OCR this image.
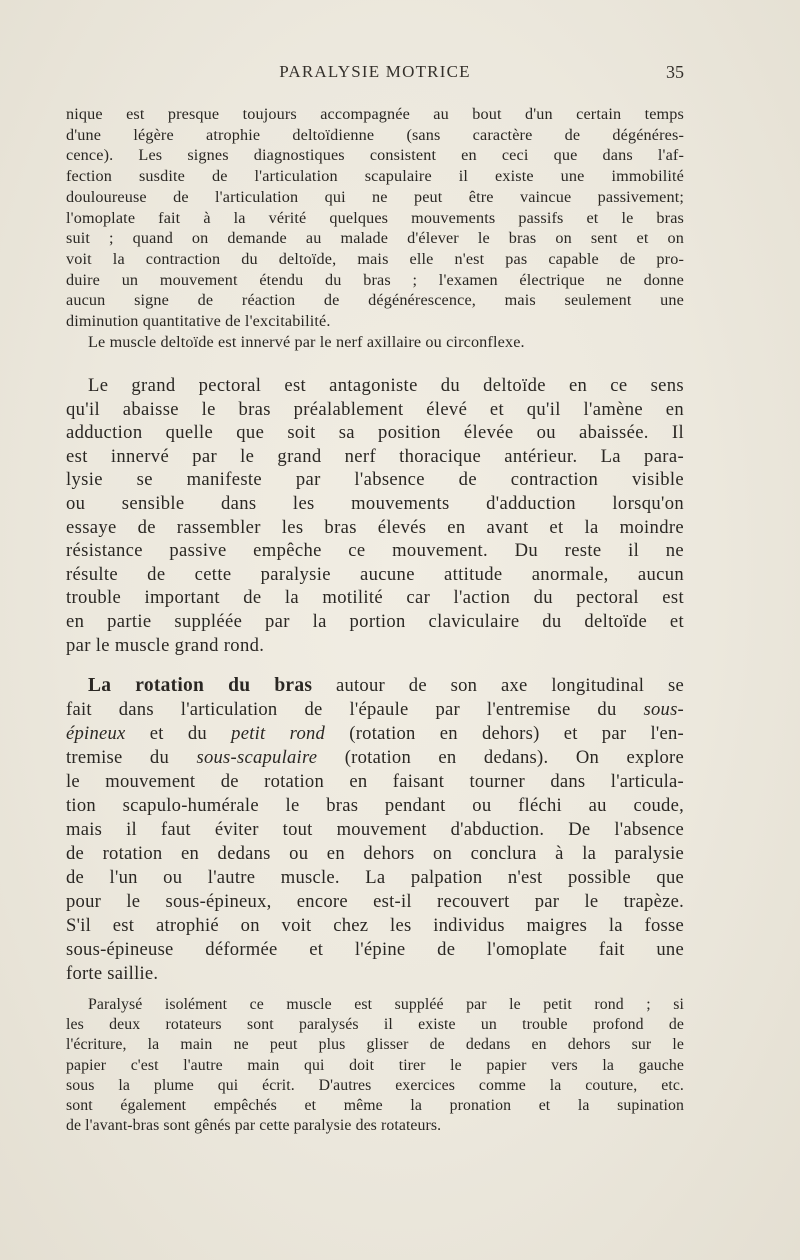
PARALYSIE MOTRICE	35
nique est presque toujours accompagnée au bout d'un certain temps
d'une légère atrophie deltoïdienne (sans caractère de dégénéres-
cence). Les signes diagnostiques consistent en ceci que dans l'af-
fection susdite de l'articulation scapulaire il existe une immobilité
douloureuse de l'articulation qui ne peut être vaincue passivement;
l'omoplate fait à la vérité quelques mouvements passifs et le bras
suit ; quand on demande au malade d'élever le bras on sent et on
voit la contraction du deltoïde, mais elle n'est pas capable de pro-
duire un mouvement étendu du bras ; l'examen électrique ne donne
aucun signe de réaction de dégénérescence, mais seulement une
diminution quantitative de l'excitabilité.
Le muscle deltoïde est innervé par le nerf axillaire ou circonflexe.
Le grand pectoral est antagoniste du deltoïde en ce sens
qu'il abaisse le bras préalablement élevé et qu'il l'amène en
adduction quelle que soit sa position élevée ou abaissée. Il
est innervé par le grand nerf thoracique antérieur. La para-
lysie se manifeste par l'absence de contraction visible
ou sensible dans les mouvements d'adduction lorsqu'on
essaye de rassembler les bras élevés en avant et la moindre
résistance passive empêche ce mouvement. Du reste il ne
résulte de cette paralysie aucune attitude anormale, aucun
trouble important de la motilité car l'action du pectoral est
en partie suppléée par la portion claviculaire du deltoïde et
par le muscle grand rond.
La rotation du bras autour de son axe longitudinal se
fait dans l'articulation de l'épaule par l'entremise du sous-
épineux et du petit rond (rotation en dehors) et par l'en-
tremise du sous-scapulaire (rotation en dedans). On explore
le mouvement de rotation en faisant tourner dans l'articula-
tion scapulo-humérale le bras pendant ou fléchi au coude,
mais il faut éviter tout mouvement d'abduction. De l'absence
de rotation en dedans ou en dehors on conclura à la paralysie
de l'un ou l'autre muscle. La palpation n'est possible que
pour le sous-épineux, encore est-il recouvert par le trapèze.
S'il est atrophié on voit chez les individus maigres la fosse
sous-épineuse déformée et l'épine de l'omoplate fait une
forte saillie.
Paralysé isolément ce muscle est suppléé par le petit rond ; si
les deux rotateurs sont paralysés il existe un trouble profond de
l'écriture, la main ne peut plus glisser de dedans en dehors sur le
papier c'est l'autre main qui doit tirer le papier vers la gauche
sous la plume qui écrit. D'autres exercices comme la couture, etc.
sont également empêchés et même la pronation et la supination
de l'avant-bras sont gênés par cette paralysie des rotateurs.
